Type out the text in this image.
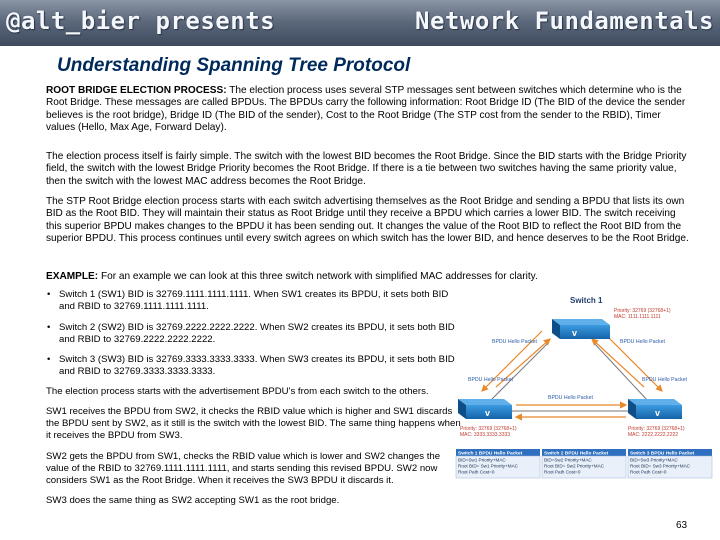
@alt_bier presents	Network Fundamentals
Understanding Spanning Tree Protocol
ROOT BRIDGE ELECTION PROCESS: The election process uses several STP messages sent between switches which determine who is the Root Bridge. These messages are called BPDUs. The BPDUs carry the following information: Root Bridge ID (The BID of the device the sender believes is the root bridge), Bridge ID (The BID of the sender), Cost to the Root Bridge (The STP cost from the sender to the RBID), Timer values (Hello, Max Age, Forward Delay).
The election process itself is fairly simple. The switch with the lowest BID becomes the Root Bridge. Since the BID starts with the Bridge Priority field, the switch with the lowest Bridge Priority becomes the Root Bridge. If there is a tie between two switches having the same priority value, then the switch with the lowest MAC address becomes the Root Bridge.
The STP Root Bridge election process starts with each switch advertising themselves as the Root Bridge and sending a BPDU that lists its own BID as the Root BID. They will maintain their status as Root Bridge until they receive a BPDU which carries a lower BID. The switch receiving this superior BPDU makes changes to the BPDU it has been sending out. It changes the value of the Root BID to reflect the Root BID from the superior BPDU. This process continues until every switch agrees on which switch has the lower BID, and hence deserves to be the Root Bridge.
EXAMPLE: For an example we can look at this three switch network with simplified MAC addresses for clarity.
• Switch 1 (SW1) BID is 32769.1111.1111.1111. When SW1 creates its BPDU, it sets both BID and RBID to 32769.1111.1111.1111.
• Switch 2 (SW2) BID is 32769.2222.2222.2222. When SW2 creates its BPDU, it sets both BID and RBID to 32769.2222.2222.2222.
• Switch 3 (SW3) BID is 32769.3333.3333.3333. When SW3 creates its BPDU, it sets both BID and RBID to 32769.3333.3333.3333.
The election process starts with the advertisement BPDU's from each switch to the others.
SW1 receives the BPDU from SW2, it checks the RBID value which is higher and SW1 discards the BPDU sent by SW2, as it still is the switch with the lowest BID. The same thing happens when it receives the BPDU from SW3.
SW2 gets the BPDU from SW1, checks the RBID value which is lower and SW2 changes the value of the RBID to 32769.1111.1111.1111, and starts sending this revised BPDU. SW2 now considers SW1 as the Root Bridge. When it receives the SW3 BPDU it discards it.
SW3 does the same thing as SW2 accepting SW1 as the root bridge.
Switch 1
Priority: 32769 (32768+1)
MAC: 1111.1111.1111
v
v
Priority: 32769 (32768+1)
MAC: 3333.3333.3333
v
Priority: 32769 (32768+1)
MAC: 2222.2222.2222
BPDU Hello Packet	BPDU Hello Packet
BPDU Hello Packet	BPDU Hello Packet
BPDU Hello Packet
Switch 1 BPDU Hello Packet
BID=Sw1 Priority+MAC
Root BID= Sw1 Priority+MAC
Root Path Cost=0
Switch 2 BPDU Hello Packet
BID=Sw2 Priority+MAC
Root BID= Sw2 Priority+MAC
Root Path Cost=0
Switch 3 BPDU Hello Packet
BID=Sw3 Priority+MAC
Root BID= Sw3 Priority+MAC
Root Path Cost=0
63
